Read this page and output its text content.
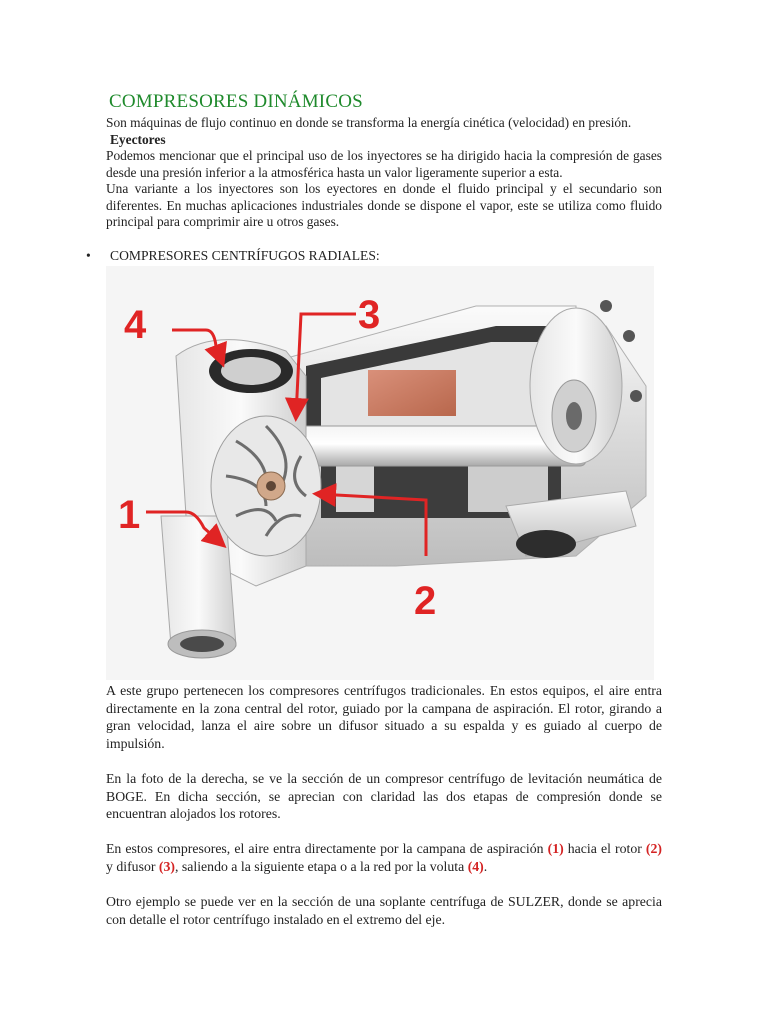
COMPRESORES DINÁMICOS

Son máquinas de flujo continuo en donde se transforma la energía cinética (velocidad) en presión.

Eyectores

Podemos mencionar que el principal uso de los inyectores se ha dirigido hacia la compresión de gases desde una presión inferior a la atmosférica hasta un valor ligeramente superior a esta.

Una variante a los inyectores son los eyectores en donde el fluido principal y el secundario son diferentes. En muchas aplicaciones industriales donde se dispone el vapor, este se utiliza como fluido principal para comprimir aire u otros gases.

• COMPRESORES CENTRÍFUGOS RADIALES:
4	3
1
2

A este grupo pertenecen los compresores centrífugos tradicionales. En estos equipos, el aire entra directamente en la zona central del rotor, guiado por la campana de aspiración. El rotor, girando a gran velocidad, lanza el aire sobre un difusor situado a su espalda y es guiado al cuerpo de impulsión.

En la foto de la derecha, se ve la sección de un compresor centrífugo de levitación neumática de BOGE. En dicha sección, se aprecian con claridad las dos etapas de compresión donde se encuentran alojados los rotores.

En estos compresores, el aire entra directamente por la campana de aspiración (1) hacia el rotor (2) y difusor (3), saliendo a la siguiente etapa o a la red por la voluta (4).

Otro ejemplo se puede ver en la sección de una soplante centrífuga de SULZER, donde se aprecia con detalle el rotor centrífugo instalado en el extremo del eje.
